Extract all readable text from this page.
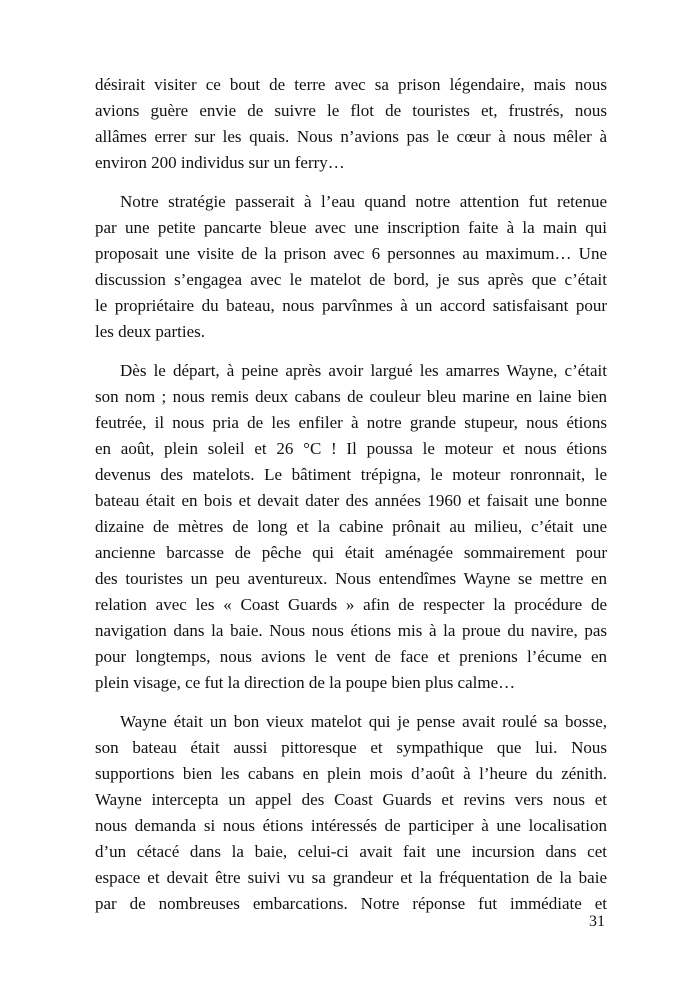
désirait visiter ce bout de terre avec sa prison légendaire, mais nous
avions guère envie de suivre le flot de touristes et, frustrés, nous
allâmes errer sur les quais. Nous n’avions pas le cœur à nous mêler à
environ 200 individus sur un ferry…
Notre stratégie passerait à l’eau quand notre attention fut retenue
par une petite pancarte bleue avec une inscription faite à la main qui
proposait une visite de la prison avec 6 personnes au maximum… Une
discussion s’engagea avec le matelot de bord, je sus après que c’était
le propriétaire du bateau, nous parvînmes à un accord satisfaisant pour
les deux parties.
Dès le départ, à peine après avoir largué les amarres Wayne, c’était
son nom ; nous remis deux cabans de couleur bleu marine en laine bien
feutrée, il nous pria de les enfiler à notre grande stupeur, nous étions
en août, plein soleil et 26 °C ! Il poussa le moteur et nous étions
devenus des matelots. Le bâtiment trépigna, le moteur ronronnait, le
bateau était en bois et devait dater des années 1960 et faisait une bonne
dizaine de mètres de long et la cabine prônait au milieu, c’était une
ancienne barcasse de pêche qui était aménagée sommairement pour
des touristes un peu aventureux. Nous entendîmes Wayne se mettre en
relation avec les « Coast Guards » afin de respecter la procédure de
navigation dans la baie. Nous nous étions mis à la proue du navire, pas
pour longtemps, nous avions le vent de face et prenions l’écume en
plein visage, ce fut la direction de la poupe bien plus calme…
Wayne était un bon vieux matelot qui je pense avait roulé sa bosse,
son bateau était aussi pittoresque et sympathique que lui. Nous
supportions bien les cabans en plein mois d’août à l’heure du zénith.
Wayne intercepta un appel des Coast Guards et revins vers nous et
nous demanda si nous étions intéressés de participer à une localisation
d’un cétacé dans la baie, celui-ci avait fait une incursion dans cet
espace et devait être suivi vu sa grandeur et la fréquentation de la baie
par de nombreuses embarcations. Notre réponse fut immédiate et
31
